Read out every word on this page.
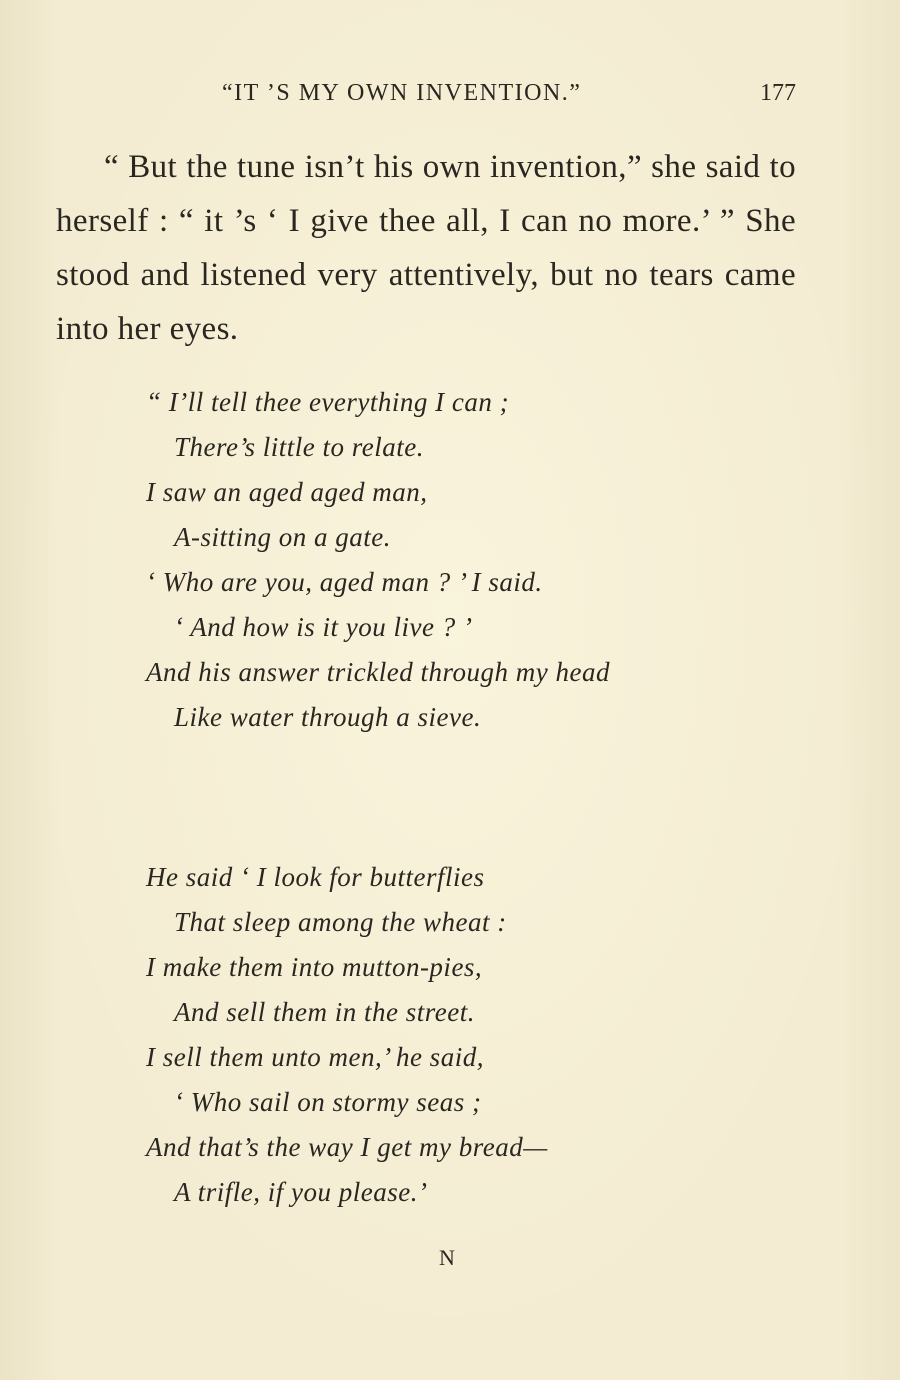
“IT ’S MY OWN INVENTION.”	177

“ But the tune isn’t his own invention,” she said to herself : “ it ’s ‘ I give thee all, I can no more.’ ” She stood and listened very attentively, but no tears came into her eyes.

“ I’ll tell thee everything I can ;
There’s little to relate.
I saw an aged aged man,
A-sitting on a gate.
‘ Who are you, aged man ? ’ I said.
‘ And how is it you live ? ’
And his answer trickled through my head
Like water through a sieve.
He said ‘ I look for butterflies
That sleep among the wheat :
I make them into mutton-pies,
And sell them in the street.
I sell them unto men,’ he said,
‘ Who sail on stormy seas ;
And that’s the way I get my bread—
A trifle, if you please.’
N
